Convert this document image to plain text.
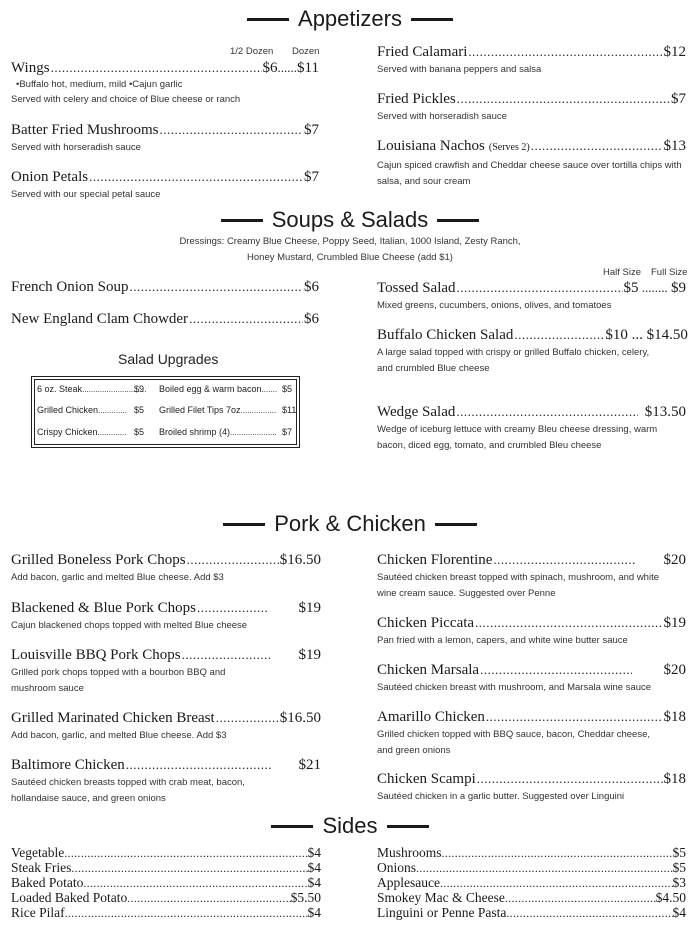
Appetizers
1/2 Dozen Dozen
Wings .....	$6 ...... $11
•Buffalo hot, medium, mild •Cajun garlic
Served with celery and choice of Blue cheese or ranch
Batter Fried Mushrooms .....	$7
Served with horseradish sauce
Onion Petals .....	$7
Served with our special petal sauce
Fried Calamari .....	$12
Served with banana peppers and salsa
Fried Pickles .....	$7
Served with horseradish sauce
Louisiana Nachos (Serves 2) .....	$13
Cajun spiced crawfish and Cheddar cheese sauce over tortilla chips with salsa, and sour cream
Soups & Salads
Dressings: Creamy Blue Cheese, Poppy Seed, Italian, 1000 Island, Zesty Ranch,
Honey Mustard, Crumbled Blue Cheese (add $1)
French Onion Soup .....	$6
New England Clam Chowder .....	$6
Salad Upgrades
6 oz. Steak .....	$9
Grilled Chicken .....	$5
Crispy Chicken .....	$5
Boiled egg & warm bacon ..... $5
Grilled Filet Tips 7oz .....	$11
Broiled shrimp (4) .....	$7
Half Size Full Size
Tossed Salad .....	$5 ........ $9
Mixed greens, cucumbers, onions, olives, and tomatoes
Buffalo Chicken Salad .....	$10 ... $14.50
A large salad topped with crispy or grilled Buffalo chicken, celery, and crumbled Blue cheese
Wedge Salad .....	$13.50
Wedge of iceburg lettuce with creamy Bleu cheese dressing, warm bacon, diced egg, tomato, and crumbled Bleu cheese
Pork & Chicken
Grilled Boneless Pork Chops .....	$16.50
Add bacon, garlic and melted Blue cheese. Add $3
Blackened & Blue Pork Chops .....	$19
Cajun blackened chops topped with melted Blue cheese
Louisville BBQ Pork Chops .....	$19
Grilled pork chops topped with a bourbon BBQ and mushroom sauce
Grilled Marinated Chicken Breast .....	$16.50
Add bacon, garlic, and melted Blue cheese. Add $3
Baltimore Chicken .....	$21
Sautéed chicken breasts topped with crab meat, bacon, hollandaise sauce, and green onions
Chicken Florentine .....	$20
Sautéed chicken breast topped with spinach, mushroom, and white wine cream sauce. Suggested over Penne
Chicken Piccata .....	$19
Pan fried with a lemon, capers, and white wine butter sauce
Chicken Marsala .....	$20
Sautéed chicken breast with mushroom, and Marsala wine sauce
Amarillo Chicken .....	$18
Grilled chicken topped with BBQ sauce, bacon, Cheddar cheese, and green onions
Chicken Scampi .....	$18
Sautéed chicken in a garlic butter. Suggested over Linguini
Sides
Vegetable .....	$4
Steak Fries .....	$4
Baked Potato .....	$4
Loaded Baked Potato .....	$5.50
Rice Pilaf .....	$4
Mushrooms .....	$5
Onions .....	$5
Applesauce .....	$3
Smokey Mac & Cheese .....	$4.50
Linguini or Penne Pasta .....	$4
